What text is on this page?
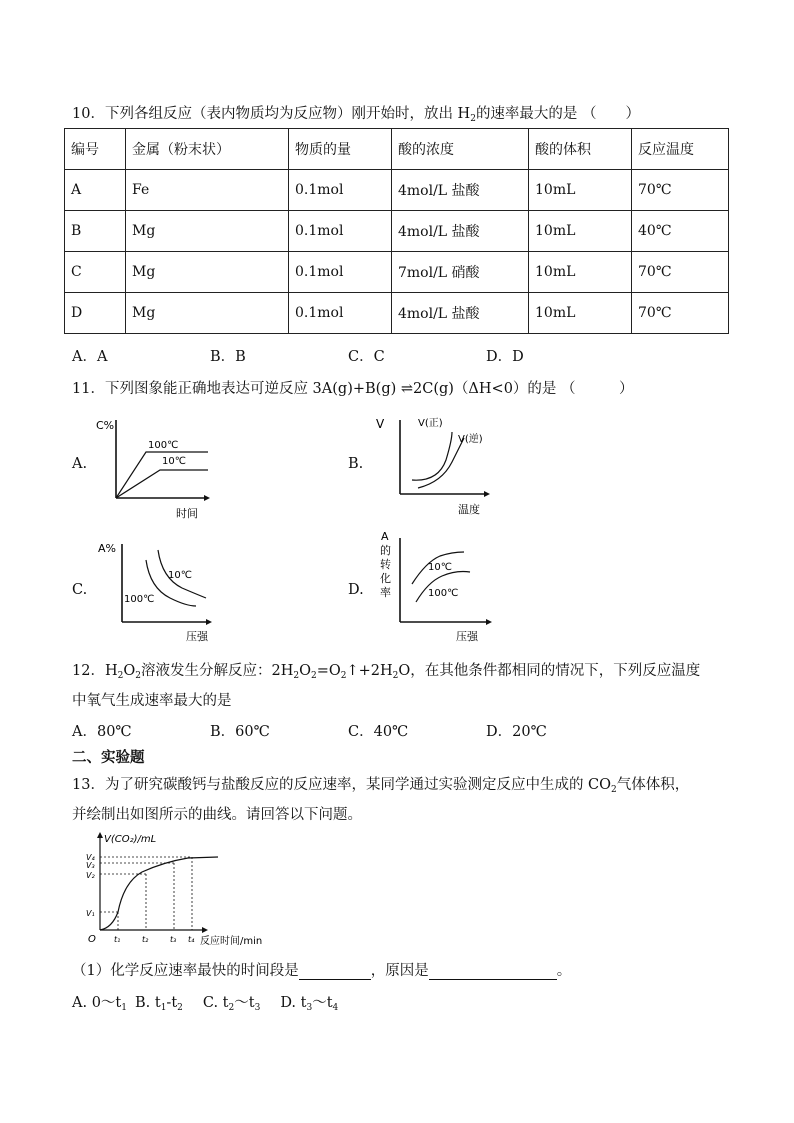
10．下列各组反应（表内物质均为反应物）刚开始时，放出 $H_2$的速率最大的是 （　　）
编号	金属（粉末状）	物质的量	酸的浓度	酸的体积	反应温度
A	Fe	0.1mol	4mol/L 盐酸	10mL	70℃
B	Mg	0.1mol	4mol/L 盐酸	10mL	40℃
C	Mg	0.1mol	7mol/L 硝酸	10mL	70℃
D	Mg	0.1mol	4mol/L 盐酸	10mL	70℃
A．A	B．B	C．C	D．D
11．下列图象能正确地表达可逆反应 3A(g)+B(g) ⇌2C(g)（ΔH<0）的是 （　　　）
A.
C%
100℃
10℃
时间
B.
V	V(正)
V(逆)
温度
C.
A%
10℃
100℃
压强
D.
A
的
转
化
率
10℃
100℃
压强
12．$H_2O_2$溶液发生分解反应：$2H_2O_2=O_2↑+2H_2O$，在其他条件都相同的情况下，下列反应温度
中氧气生成速率最大的是
A．80℃	B．60℃	C．40℃	D．20℃
二、实验题
13．为了研究碳酸钙与盐酸反应的反应速率，某同学通过实验测定反应中生成的 $CO_2$气体体积，
并绘制出如图所示的曲线。请回答以下问题。
V(CO₂)/mL
V₄
V₃
V₂
V₁
O t₁	t₂	t₃ t₄ 反应时间/min
（1）化学反应速率最快的时间段是	，原因是	。
A. 0～t1 B. t1-t2 C. t2～t3 D. t3～t4
